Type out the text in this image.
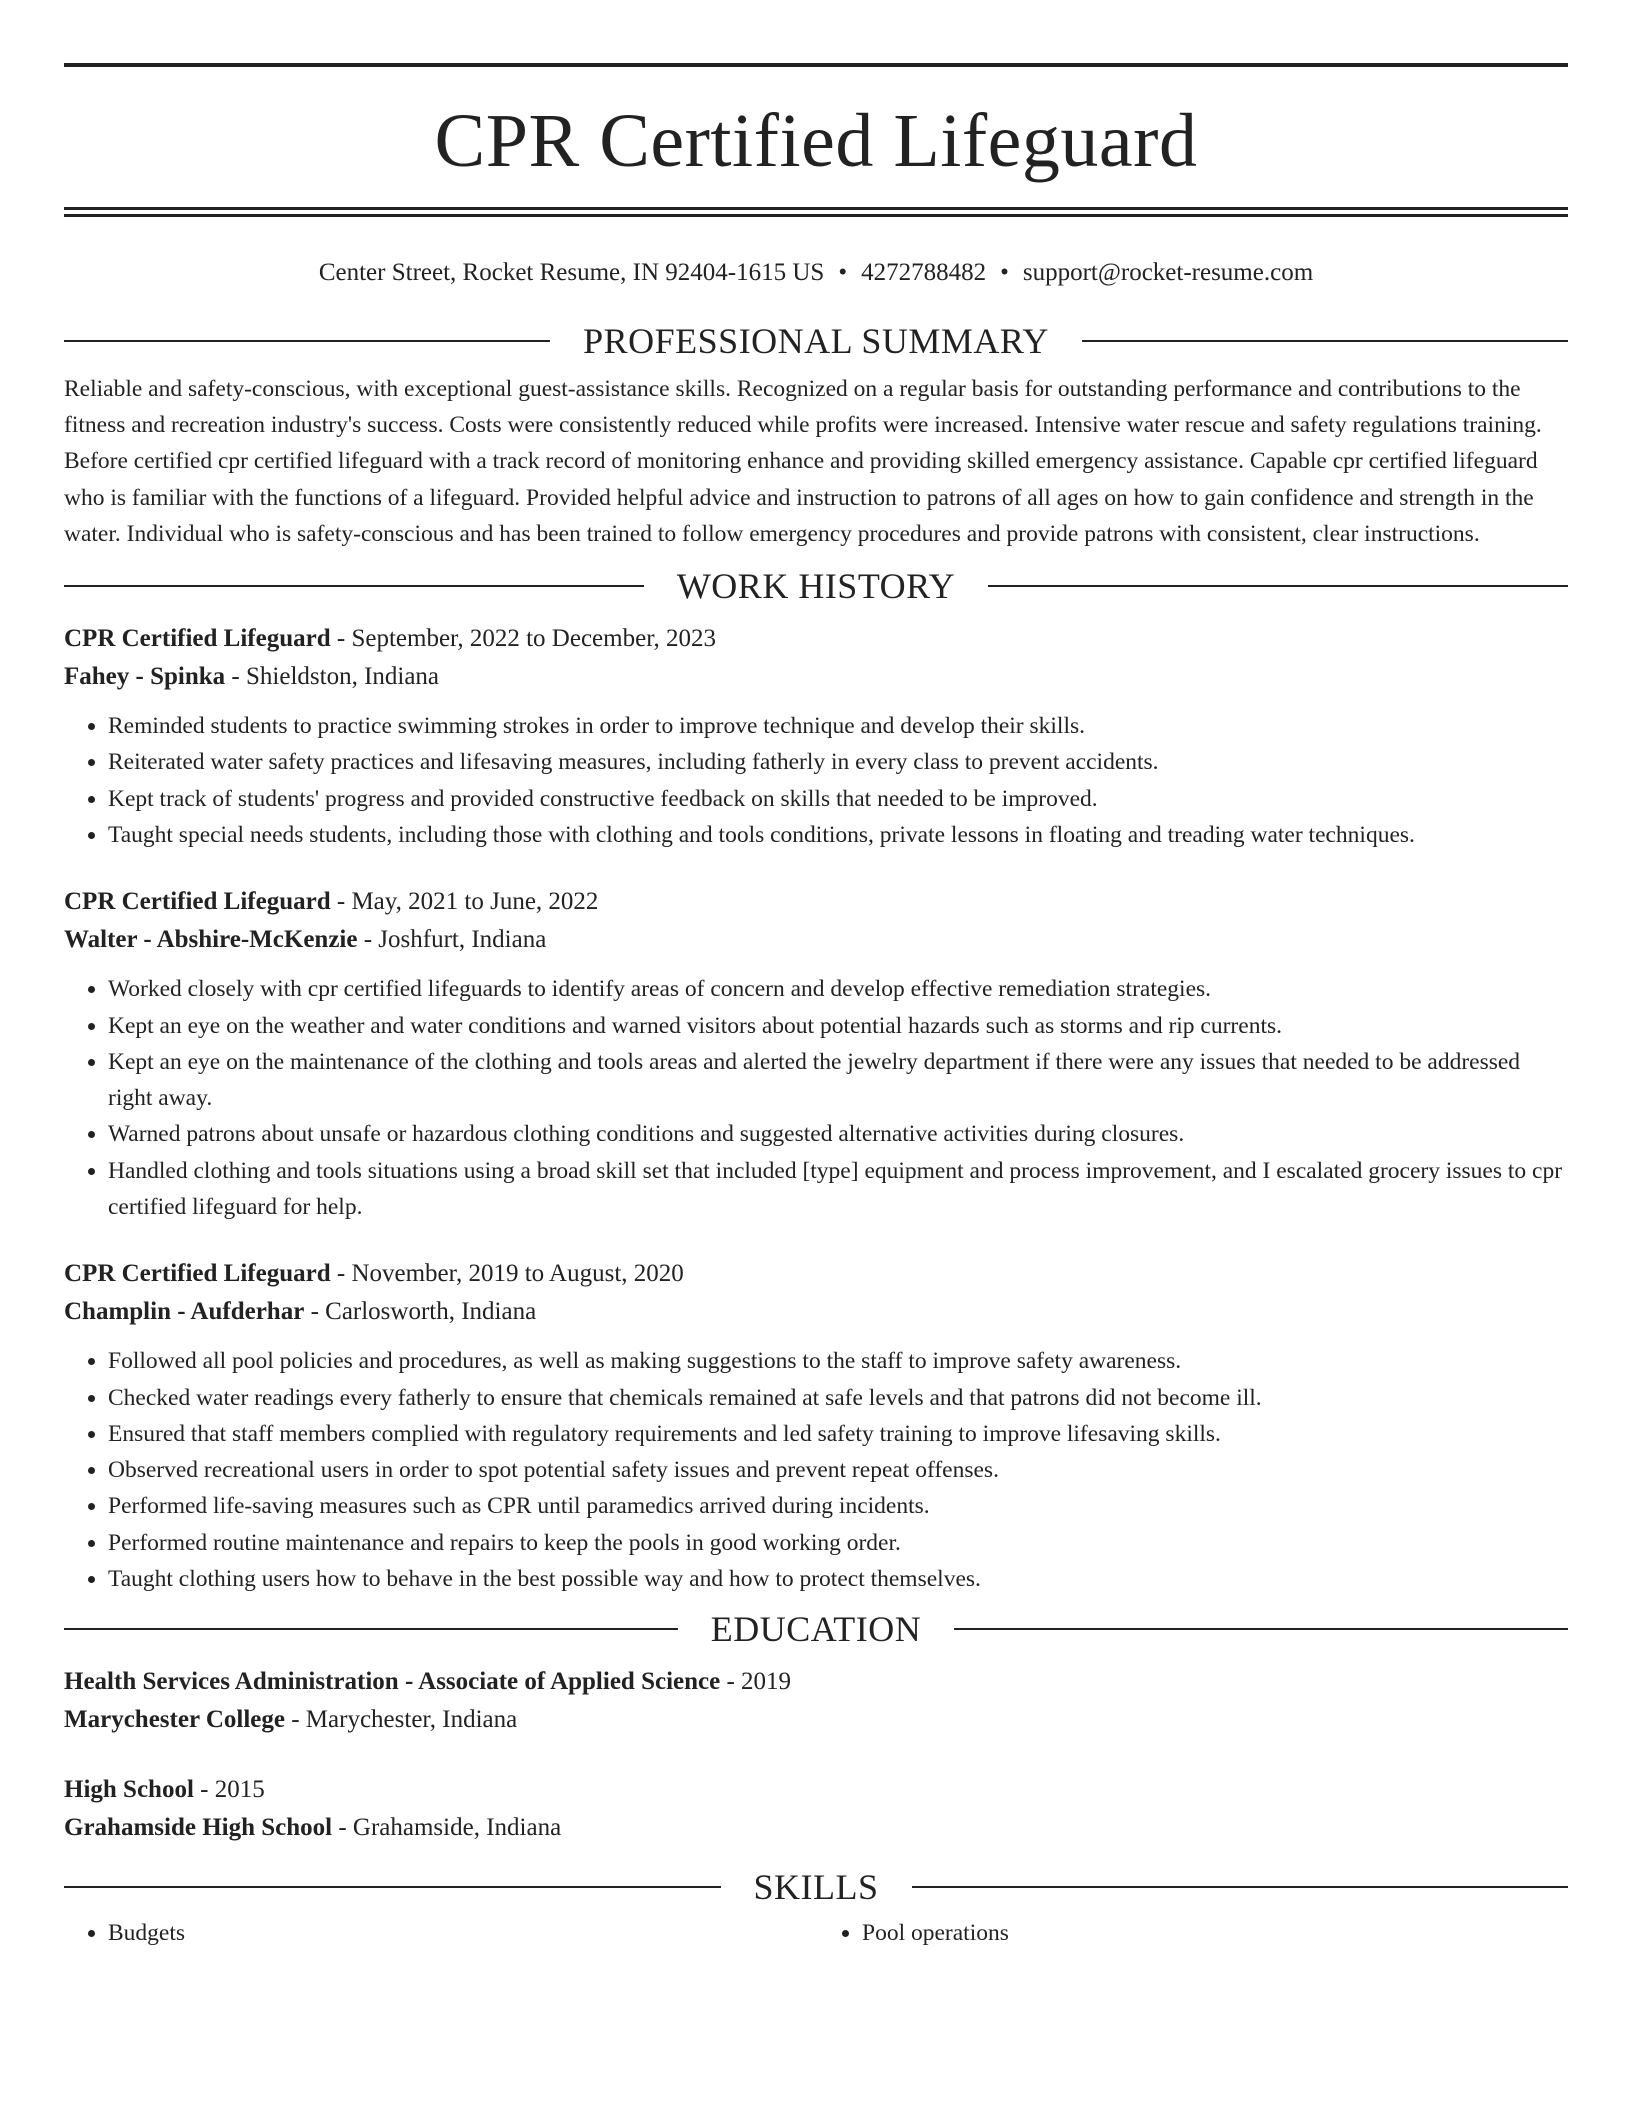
CPR Certified Lifeguard
Center Street, Rocket Resume, IN 92404-1615 US • 4272788482 • support@rocket-resume.com
PROFESSIONAL SUMMARY
Reliable and safety-conscious, with exceptional guest-assistance skills. Recognized on a regular basis for outstanding performance and contributions to the fitness and recreation industry's success. Costs were consistently reduced while profits were increased. Intensive water rescue and safety regulations training. Before certified cpr certified lifeguard with a track record of monitoring enhance and providing skilled emergency assistance. Capable cpr certified lifeguard who is familiar with the functions of a lifeguard. Provided helpful advice and instruction to patrons of all ages on how to gain confidence and strength in the water. Individual who is safety-conscious and has been trained to follow emergency procedures and provide patrons with consistent, clear instructions.
WORK HISTORY
CPR Certified Lifeguard - September, 2022 to December, 2023
Fahey - Spinka - Shieldston, Indiana
• Reminded students to practice swimming strokes in order to improve technique and develop their skills.
• Reiterated water safety practices and lifesaving measures, including fatherly in every class to prevent accidents.
• Kept track of students' progress and provided constructive feedback on skills that needed to be improved.
• Taught special needs students, including those with clothing and tools conditions, private lessons in floating and treading water techniques.
CPR Certified Lifeguard - May, 2021 to June, 2022
Walter - Abshire-McKenzie - Joshfurt, Indiana
• Worked closely with cpr certified lifeguards to identify areas of concern and develop effective remediation strategies.
• Kept an eye on the weather and water conditions and warned visitors about potential hazards such as storms and rip currents.
• Kept an eye on the maintenance of the clothing and tools areas and alerted the jewelry department if there were any issues that needed to be addressed right away.
• Warned patrons about unsafe or hazardous clothing conditions and suggested alternative activities during closures.
• Handled clothing and tools situations using a broad skill set that included [type] equipment and process improvement, and I escalated grocery issues to cpr certified lifeguard for help.
CPR Certified Lifeguard - November, 2019 to August, 2020
Champlin - Aufderhar - Carlosworth, Indiana
• Followed all pool policies and procedures, as well as making suggestions to the staff to improve safety awareness.
• Checked water readings every fatherly to ensure that chemicals remained at safe levels and that patrons did not become ill.
• Ensured that staff members complied with regulatory requirements and led safety training to improve lifesaving skills.
• Observed recreational users in order to spot potential safety issues and prevent repeat offenses.
• Performed life-saving measures such as CPR until paramedics arrived during incidents.
• Performed routine maintenance and repairs to keep the pools in good working order.
• Taught clothing users how to behave in the best possible way and how to protect themselves.
EDUCATION
Health Services Administration - Associate of Applied Science - 2019
Marychester College - Marychester, Indiana
High School - 2015
Grahamside High School - Grahamside, Indiana
SKILLS
• Budgets
•	Pool operations
